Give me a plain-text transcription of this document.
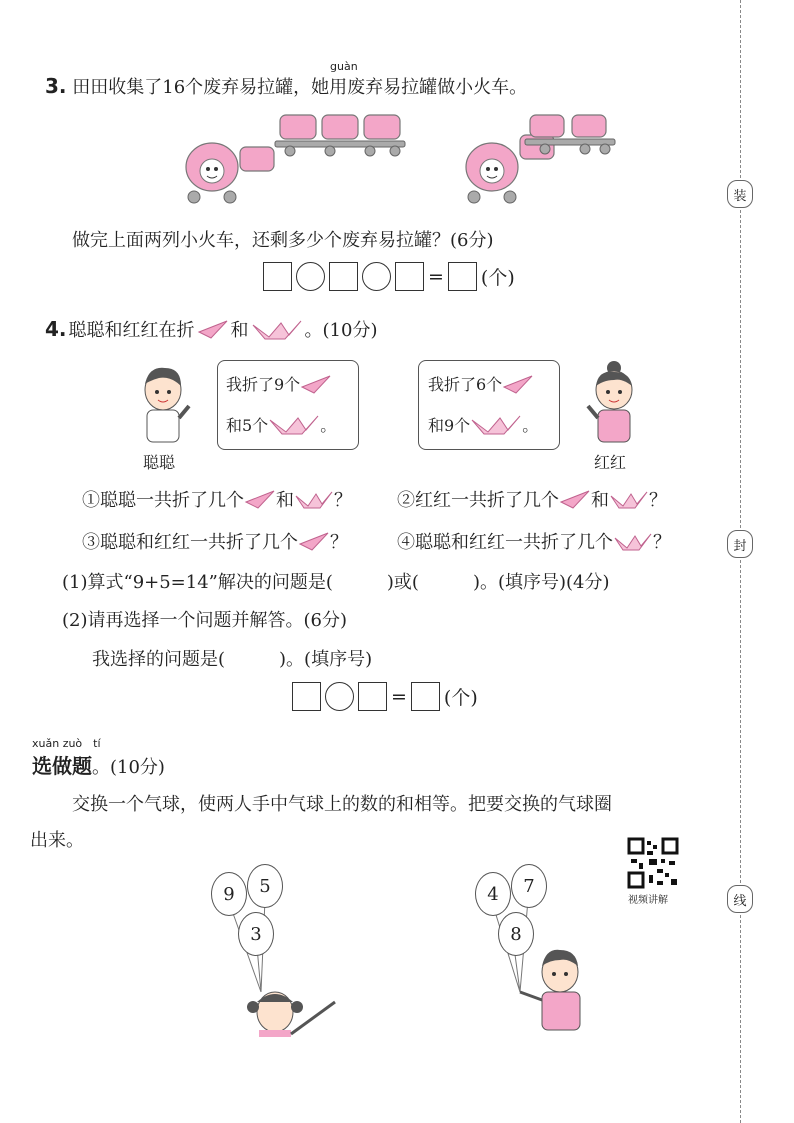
装
封
线
guàn
3. 田田收集了16个废弃易拉罐，她用废弃易拉罐做小火车。
做完上面两列小火车，还剩多少个废弃易拉罐？(6分)
= (个)
4. 聪聪和红红在折 和	。(10分)
聪聪
我折了9个
和5个	。
我折了6个
和9个	。
红红
①聪聪一共折了几个 和 ？	②红红一共折了几个 和 ？
③聪聪和红红一共折了几个 ？	④聪聪和红红一共折了几个 ？
(1)算式“9+5=14”解决的问题是(　　　)或(　　　)。(填序号)(4分)
(2)请再选择一个问题并解答。(6分)
我选择的问题是(　　　)。(填序号)
= (个)
xuǎn zuò　tí
选做题。(10分)
交换一个气球，使两人手中气球上的数的和相等。把要交换的气球圈
出来。
视频讲解
9	5
3
4	7
8
